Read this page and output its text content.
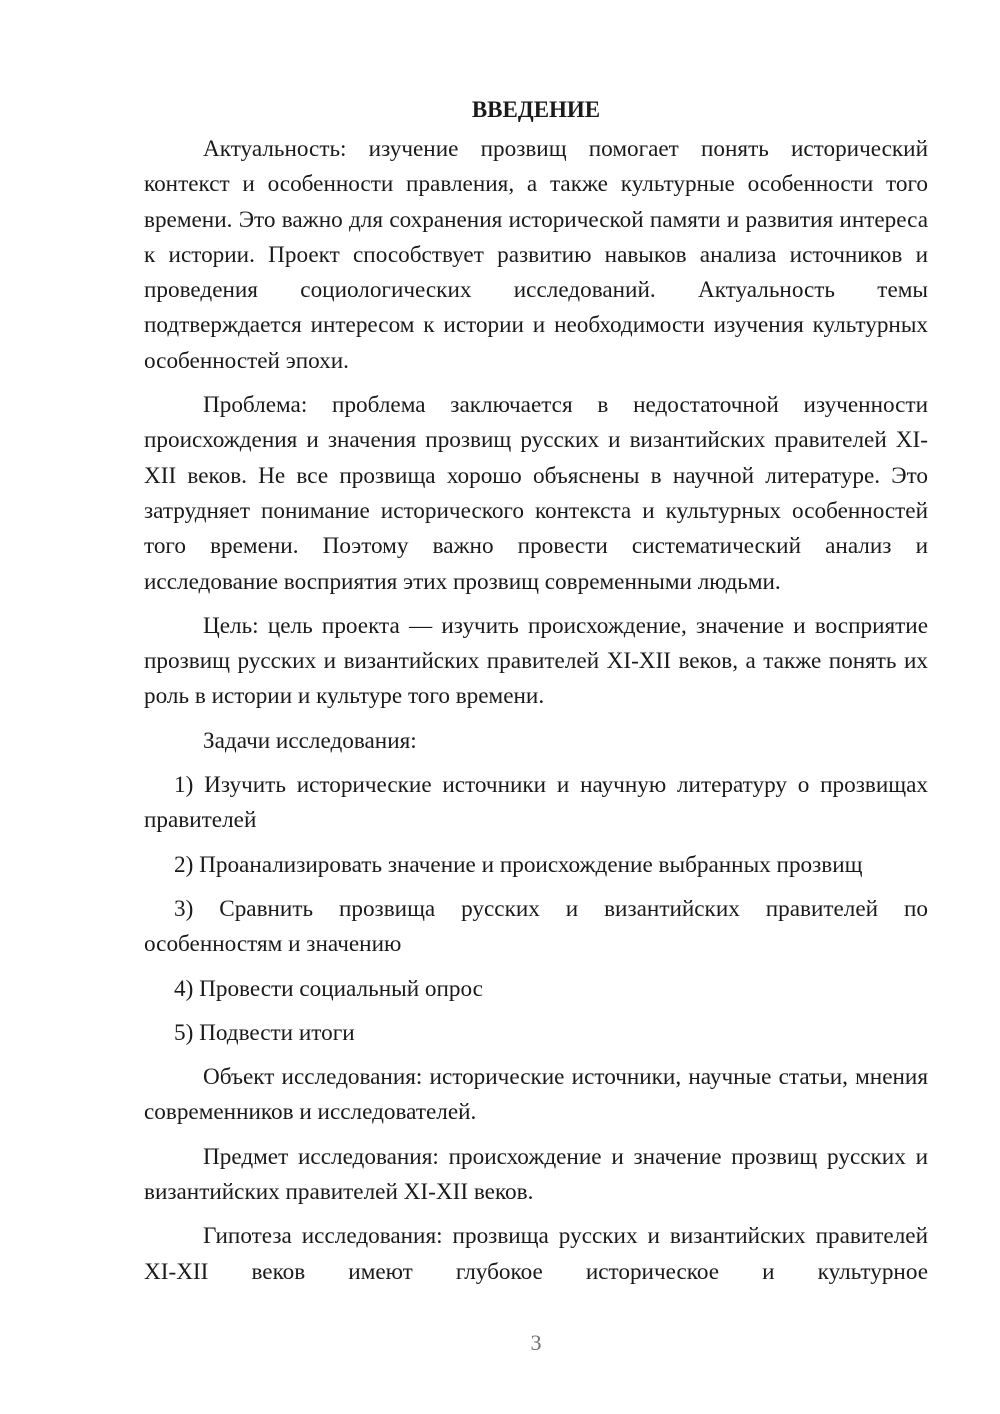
ВВЕДЕНИЕ

Актуальность: изучение прозвищ помогает понять исторический контекст и особенности правления, а также культурные особенности того времени. Это важно для сохранения исторической памяти и развития интереса к истории. Проект способствует развитию навыков анализа источников и проведения социологических исследований. Актуальность темы подтверждается интересом к истории и необходимости изучения культурных особенностей эпохи.

Проблема: проблема заключается в недостаточной изученности происхождения и значения прозвищ русских и византийских правителей XI-XII веков. Не все прозвища хорошо объяснены в научной литературе. Это затрудняет понимание исторического контекста и культурных особенностей того времени. Поэтому важно провести систематический анализ и исследование восприятия этих прозвищ современными людьми.

Цель: цель проекта — изучить происхождение, значение и восприятие прозвищ русских и византийских правителей XI-XII веков, а также понять их роль в истории и культуре того времени.

Задачи исследования:

1) Изучить исторические источники и научную литературу о прозвищах правителей

2) Проанализировать значение и происхождение выбранных прозвищ

3) Сравнить прозвища русских и византийских правителей по особенностям и значению

4) Провести социальный опрос

5) Подвести итоги

Объект исследования: исторические источники, научные статьи, мнения современников и исследователей.

Предмет исследования: происхождение и значение прозвищ русских и византийских правителей XI-XII веков.

Гипотеза исследования: прозвища русских и византийских правителей XI-XII веков имеют глубокое историческое и культурное

3
